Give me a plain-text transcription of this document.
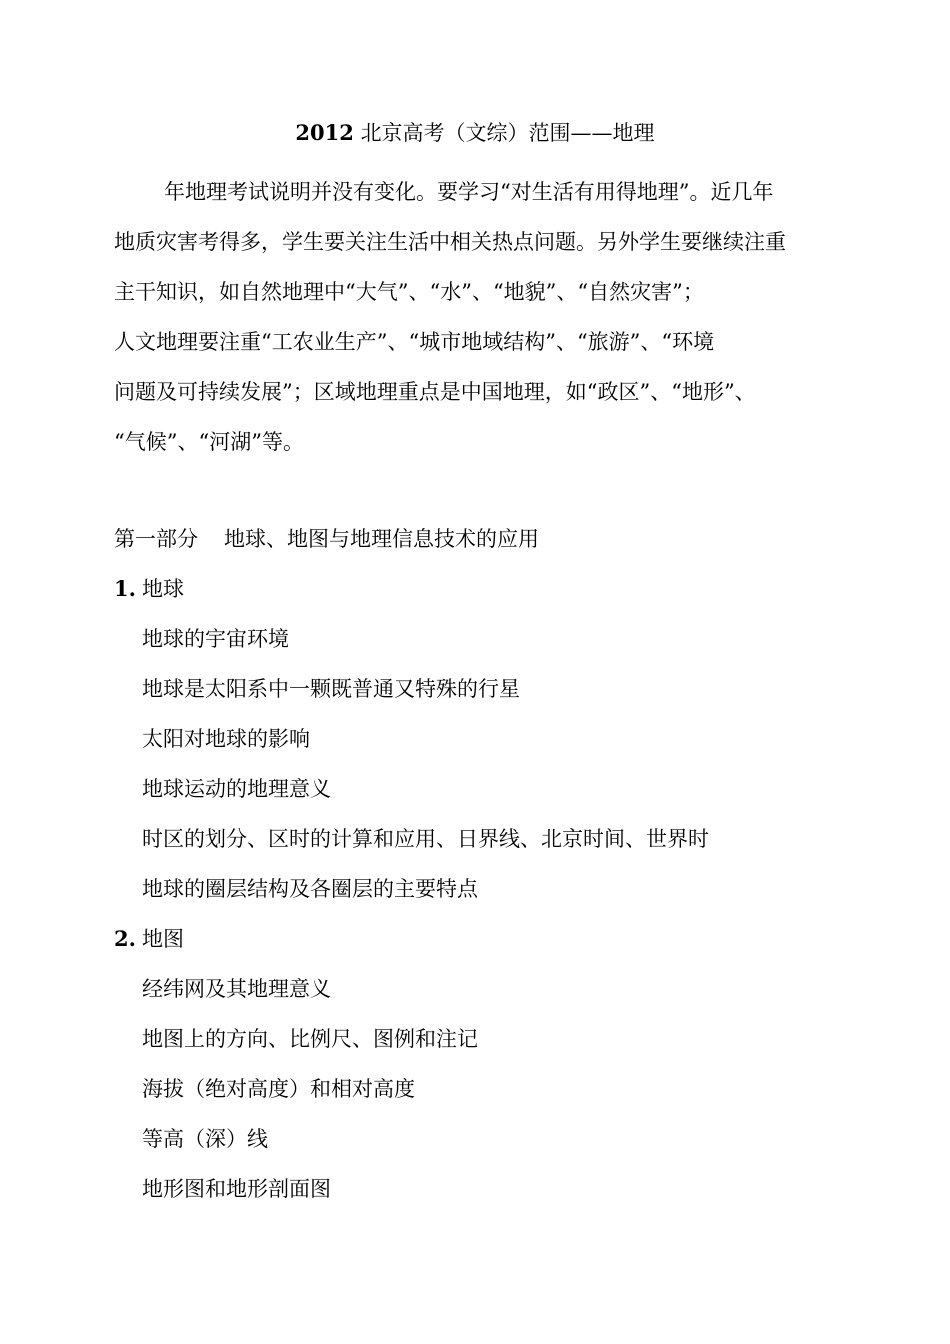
2012 北京高考（文综）范围——地理
年地理考试说明并没有变化。要学习“对生活有用得地理”。近几年
地质灾害考得多，学生要关注生活中相关热点问题。另外学生要继续注重
主干知识，如自然地理中“大气”、“水”、“地貌”、“自然灾害”；
人文地理要注重“工农业生产”、“城市地域结构”、“旅游”、“环境
问题及可持续发展”；区域地理重点是中国地理，如“政区”、“地形”、
“气候”、“河湖”等。
第一部分 地球、地图与地理信息技术的应用
1. 地球
地球的宇宙环境
地球是太阳系中一颗既普通又特殊的行星
太阳对地球的影响
地球运动的地理意义
时区的划分、区时的计算和应用、日界线、北京时间、世界时
地球的圈层结构及各圈层的主要特点
2. 地图
经纬网及其地理意义
地图上的方向、比例尺、图例和注记
海拔（绝对高度）和相对高度
等高（深）线
地形图和地形剖面图
